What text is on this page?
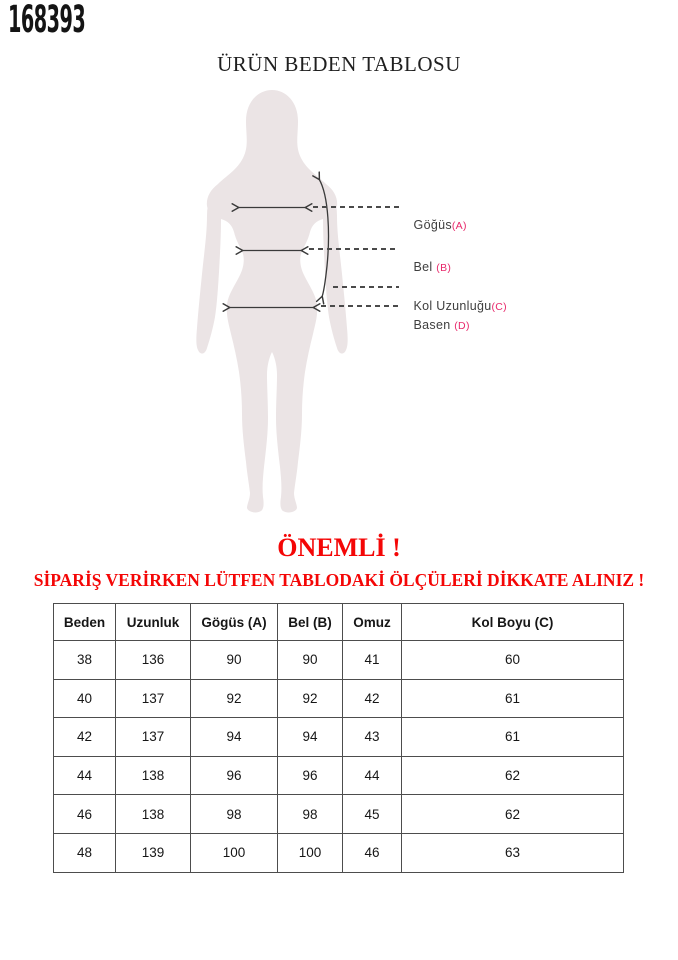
168393
ÜRÜN BEDEN TABLOSU

Göğüs(A)

Bel (B)

Kol Uzunluğu(C)

Basen (D)

ÖNEMLİ !
SİPARİŞ VERİRKEN LÜTFEN TABLODAKİ ÖLÇÜLERİ DİKKATE ALINIZ !
Beden	Uzunluk	Gögüs (A)	Bel (B)	Omuz	Kol Boyu (C)
38	136	90	90	41	60
40	137	92	92	42	61
42	137	94	94	43	61
44	138	96	96	44	62
46	138	98	98	45	62
48	139	100	100	46	63
